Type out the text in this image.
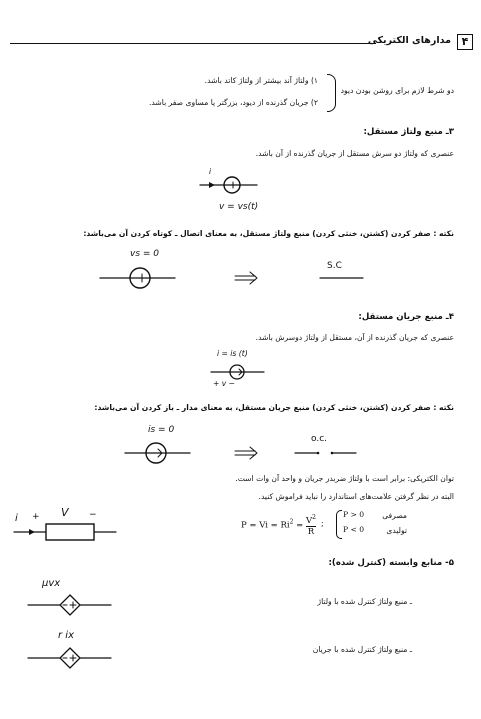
۴
مدارهای الکتریکی
دو شرط لازم برای روشن بودن دیود
۱) ولتاژ آند بیشتر از ولتاژ کاتد باشد.
۲) جریان گذرنده از دیود، بزرگتر یا مساوی صفر باشد.
۳ـ منبع ولتاژ مستقل:
عنصری که ولتاژ دو سرش مستقل از جریان گذرنده از آن باشد.
i
v = vs(t)
نکته : صفر کردن (کشتن، خنثی کردن) منبع ولتاژ مستقل، به معنای اتصال ـ کوتاه کردن آن می‌باشد:
vs = 0
S.C
۴ـ منبع جریان مستقل:
عنصری که جریان گذرنده از آن، مستقل از ولتاژ دوسرش باشد.
i = is (t)
+ v −
نکته : صفر کردن (کشتن، خنثی کردن) منبع جریان مستقل، به معنای مدار ـ باز کردن آن می‌باشد:
is = 0
o.c.
توان الکتریکی: برابر است با ولتاژ ضربدر جریان و واحد آن وات است.
البته در نظر گرفتن علامت‌های استاندارد را نباید فراموش کنید.
$P = Vi = Ri^2 = \frac{V^2}{R}$ ;
P > 0
P < 0
مصرفی
تولیدی
i + V −
۵- منابع وابسته (کنترل شده):
μvx
ـ منبع ولتاژ کنترل شده با ولتاژ
r ix
ـ منبع ولتاژ کنترل شده با جریان
